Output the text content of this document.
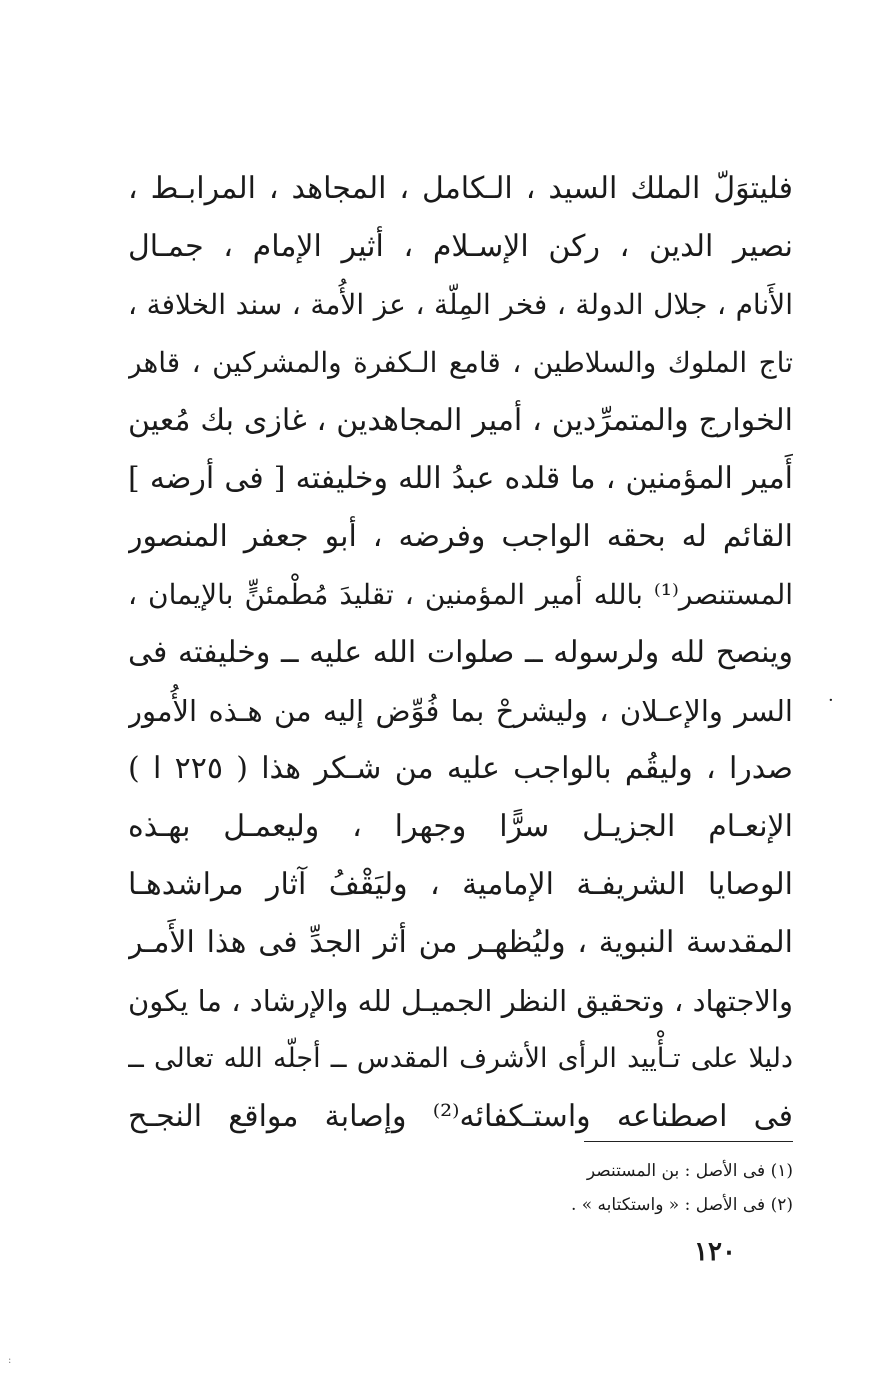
فليتوَلّ الملك السيد ، الـكامل ، المجاهد ، المرابـط ،
نصير الدين ، ركن الإسـلام ، أثير الإمام ، جمـال
الأَنام ، جلال الدولة ، فخر المِلّة ، عز الأُمة ، سند الخلافة ،
تاج الملوك والسلاطين ، قامع الـكفرة والمشركين ، قاهر
الخوارج والمتمرِّدين ، أمير المجاهدين ، غازى بك مُعين
أَمير المؤمنين ، ما قلده عبدُ الله وخليفته [ فى أرضه ]
القائم له بحقه الواجب وفرضه ، أبو جعفر المنصور
المستنصر⁽¹⁾ بالله أمير المؤمنين ، تقليدَ مُطْمئنٍّ بالإيمان ،
وينصح لله ولرسوله ــ صلوات الله عليه ــ وخليفته فى
السر والإعـلان ، وليشرحْ بما فُوِّض إليه من هـذه الأُمور
صدرا ، وليقُم بالواجب عليه من شـكر هذا ( ٢٢٥ ا )
الإنعـام الجزيـل سرًّا وجهرا ، وليعمـل بهـذه
الوصايا الشريفـة الإمامية ، وليَقْفُ آثار مراشدهـا
المقدسة النبوية ، وليُظهـر من أثر الجدِّ فى هذا الأَمـر
والاجتهاد ، وتحقيق النظر الجميـل لله والإرشاد ، ما يكون
دليلا على تـأْييد الرأى الأشرف المقدس ــ أجلّه الله تعالى ــ
فى اصطناعه واستـكفائه⁽²⁾ وإصابة مواقع النجـح
·
(١) فى الأصل : بن المستنصر
(٢) فى الأصل : « واستكتابه » .
١٢٠
:
